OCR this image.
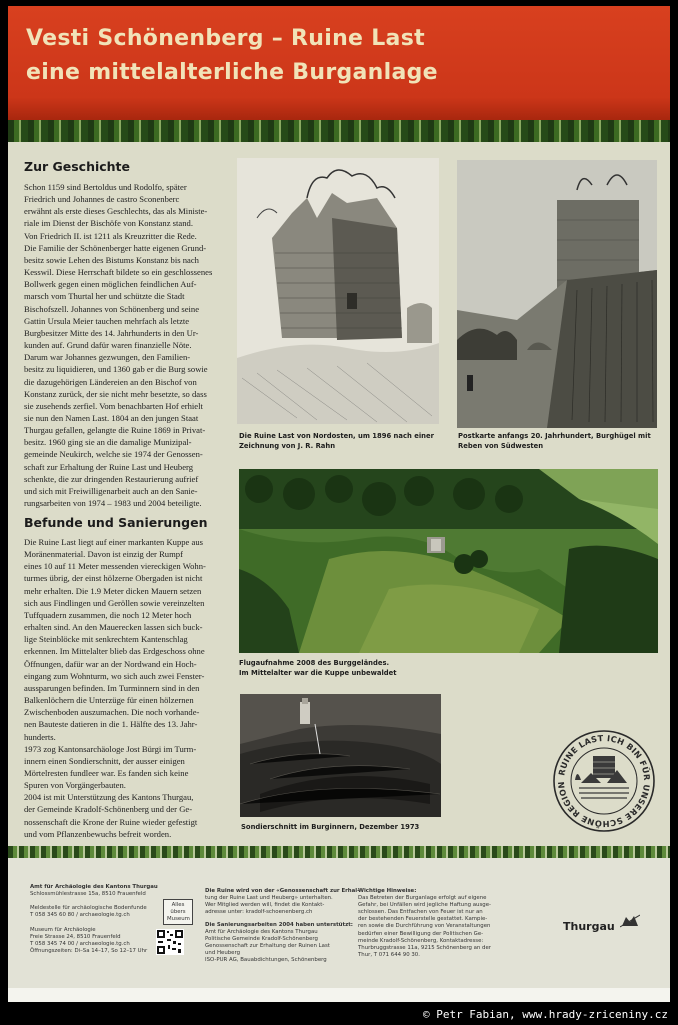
Vesti Schönenberg – Ruine Last
eine mittelalterliche Burganlage
Zur Geschichte
Schon 1159 sind Bertoldus und Rodolfo, später
Friedrich und Johannes de castro Sconenberc
erwähnt als erste dieses Geschlechts, das als Ministe-
riale im Dienst der Bischöfe von Konstanz stand.
Von Friedrich II. ist 1211 als Kreuzritter die Rede.
Die Familie der Schönenberger hatte eigenen Grund-
besitz sowie Lehen des Bistums Konstanz bis nach
Kesswil. Diese Herrschaft bildete so ein geschlossenes
Bollwerk gegen einen möglichen feindlichen Auf-
marsch vom Thurtal her und schützte die Stadt
Bischofszell. Johannes von Schönenberg und seine
Gattin Ursula Meier tauchen mehrfach als letzte
Burgbesitzer Mitte des 14. Jahrhunderts in den Ur-
kunden auf. Grund dafür waren finanzielle Nöte.
Darum war Johannes gezwungen, den Familien-
besitz zu liquidieren, und 1360 gab er die Burg sowie
die dazugehörigen Ländereien an den Bischof von
Konstanz zurück, der sie nicht mehr besetzte, so dass
sie zusehends zerfiel. Vom benachbarten Hof erhielt
sie nun den Namen Last. 1804 an den jungen Staat
Thurgau gefallen, gelangte die Ruine 1869 in Privat-
besitz. 1960 ging sie an die damalige Munizipal-
gemeinde Neukirch, welche sie 1974 der Genossen-
schaft zur Erhaltung der Ruine Last und Heuberg
schenkte, die zur dringenden Restaurierung aufrief
und sich mit Freiwilligenarbeit auch an den Sanie-
rungsarbeiten von 1974 – 1983 und 2004 beteiligte.
Befunde und Sanierungen
Die Ruine Last liegt auf einer markanten Kuppe aus
Moränenmaterial. Davon ist einzig der Rumpf
eines 10 auf 11 Meter messenden viereckigen Wohn-
turmes übrig, der einst hölzerne Obergaden ist nicht
mehr erhalten. Die 1.9 Meter dicken Mauern setzen
sich aus Findlingen und Geröllen sowie vereinzelten
Tuffquadern zusammen, die noch 12 Meter hoch
erhalten sind. An den Mauerecken lassen sich buck-
lige Steinblöcke mit senkrechtem Kantenschlag
erkennen. Im Mittelalter blieb das Erdgeschoss ohne
Öffnungen, dafür war an der Nordwand ein Hoch-
eingang zum Wohnturm, wo sich auch zwei Fenster-
aussparungen befinden. Im Turminnern sind in den
Balkenlöchern die Unterzüge für einen hölzernen
Zwischenboden auszumachen. Die noch vorhande-
nen Bauteste datieren in die 1. Hälfte des 13. Jahr-
hunderts.
1973 zog Kantonsarchäologe Jost Bürgi im Turm-
innern einen Sondierschnitt, der ausser einigen
Mörtelresten fundleer war. Es fanden sich keine
Spuren von Vorgängerbauten.
2004 ist mit Unterstützung des Kantons Thurgau,
der Gemeinde Kradolf-Schönenberg und der Ge-
nossenschaft die Krone der Ruine wieder gefestigt
und vom Pflanzenbewuchs befreit worden.
Die Ruine Last von Nordosten, um 1896 nach einer
Zeichnung von J. R. Rahn
Postkarte anfangs 20. Jahrhundert, Burghügel mit
Reben von Südwesten
Flugaufnahme 2008 des Burggeländes.
Im Mittelalter war die Kuppe unbewaldet
Sondierschnitt im Burginnern, Dezember 1973
RUINE LAST ICH BIN FÜR UNSERE SCHÖNE REGION
Amt für Archäologie des Kantons Thurgau
Schlossmühlestrasse 15a, 8510 Frauenfeld

Meldestelle für archäologische Bodenfunde
T 058 345 60 80 / archaeologie.tg.ch

Museum für Archäologie
Freie Strasse 24, 8510 Frauenfeld
T 058 345 74 00 / archaeologie.tg.ch
Öffnungszeiten: Di–Sa 14–17, So 12–17 Uhr
Alles
übers
Museum
Die Ruine wird von der «Genossenschaft zur Erhal-
tung der Ruine Last und Heuberg» unterhalten.
Wer Mitglied werden will, findet die Kontakt-
adresse unter: kradolf-schoenenberg.ch
Die Sanierungsarbeiten 2004 haben unterstützt:
Amt für Archäologie des Kantons Thurgau
Politische Gemeinde Kradolf-Schönenberg
Genossenschaft zur Erhaltung der Ruinen Last
und Heuberg
ISO-PUR AG, Bauabdichtungen, Schönenberg
Wichtige Hinweise:
Das Betreten der Burganlage erfolgt auf eigene
Gefahr, bei Unfällen wird jegliche Haftung ausge-
schlossen. Das Entfachen von Feuer ist nur an
der bestehenden Feuerstelle gestattet. Kampie-
ren sowie die Durchführung von Veranstaltungen
bedürfen einer Bewilligung der Politischen Ge-
meinde Kradolf-Schönenberg, Kontaktadresse:
Thurbruggstrasse 11a, 9215 Schönenberg an der
Thur, T 071 644 90 30.
Thurgau
© Petr Fabian, www.hrady-zriceniny.cz
